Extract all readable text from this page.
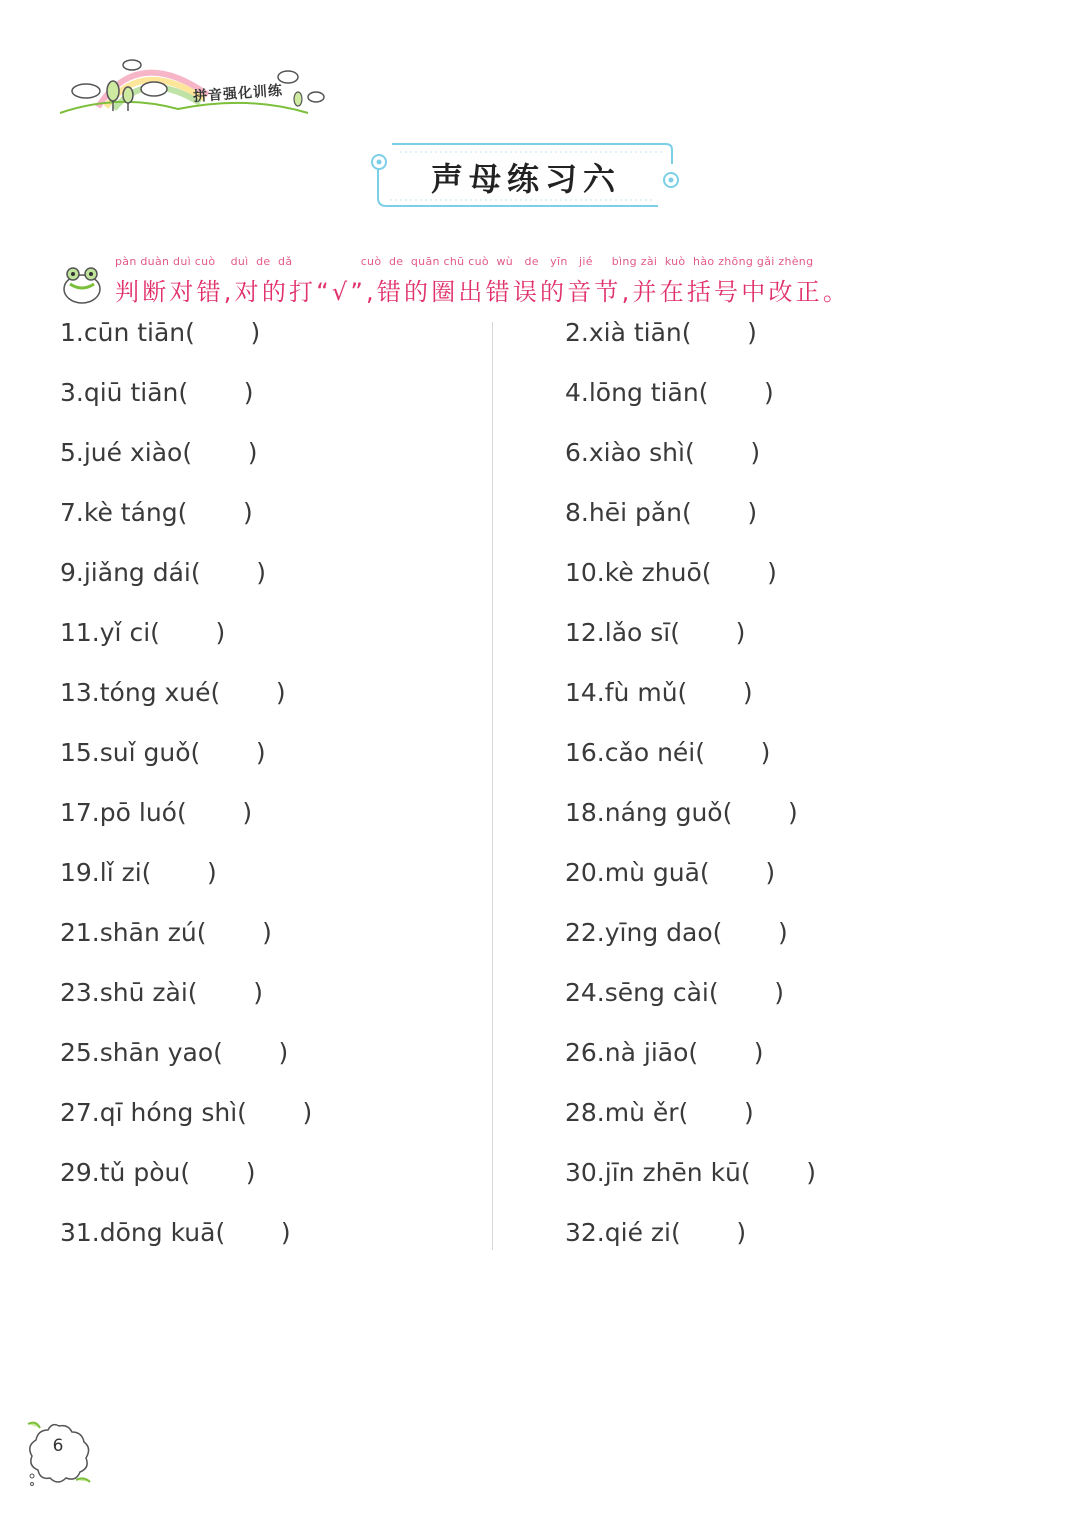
拼音强化训练
声母练习六
pàn duàn duì cuò    duì  de  dǎ                  cuò  de  quān chū cuò  wù   de   yīn   jié     bìng zài  kuò  hào zhōng gǎi zhèng
判断对错,对的打“√”,错的圈出错误的音节,并在括号中改正。
1.cūn tiān(       )	2.xià tiān(       )
3.qiū tiān(       )	4.lōng tiān(       )
5.jué xiào(       )	6.xiào shì(       )
7.kè táng(       )	8.hēi pǎn(       )
9.jiǎng dái(       )	10.kè zhuō(       )
11.yǐ ci(       )	12.lǎo sī(       )
13.tóng xué(       )	14.fù mǔ(       )
15.suǐ guǒ(       )	16.cǎo néi(       )
17.pō luó(       )	18.náng guǒ(       )
19.lǐ zi(       )	20.mù guā(       )
21.shān zú(       )	22.yīng dao(       )
23.shū zài(       )	24.sēng cài(       )
25.shān yao(       )	26.nà jiāo(       )
27.qī hóng shì(       )	28.mù ěr(       )
29.tǔ pòu(       )	30.jīn zhēn kū(       )
31.dōng kuā(       )	32.qié zi(       )
6
